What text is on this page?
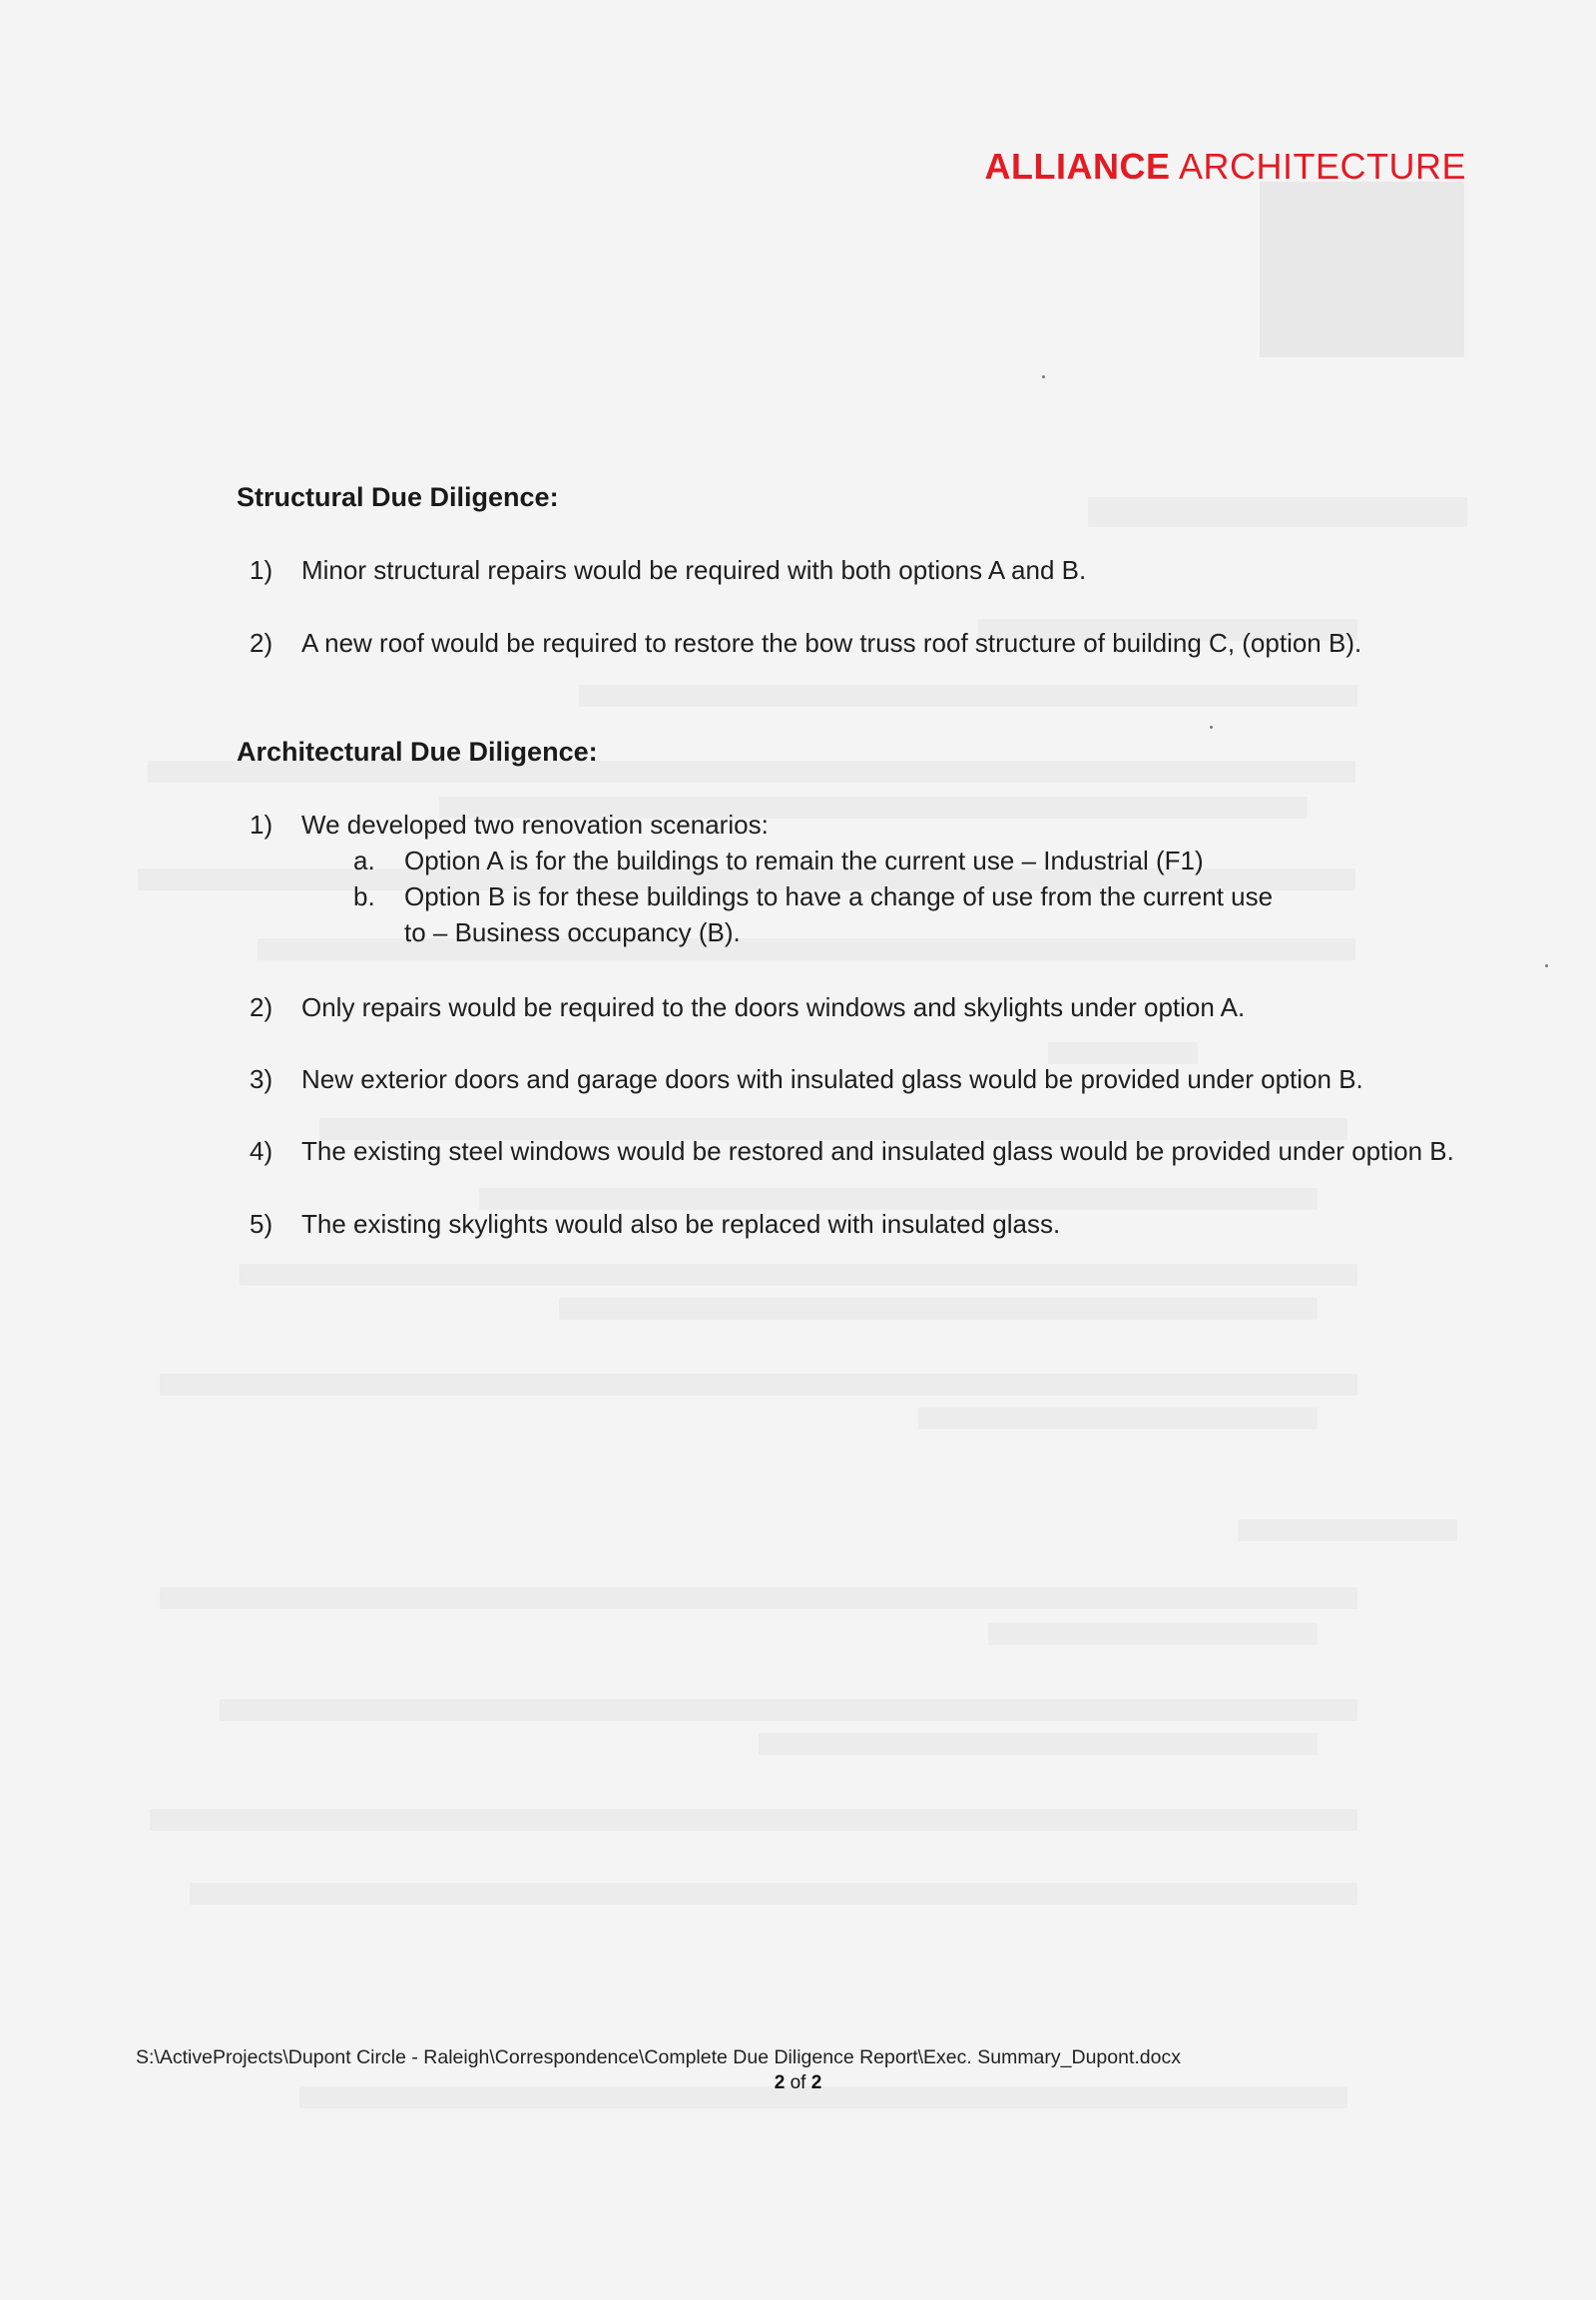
ALLIANCE ARCHITECTURE
Structural Due Diligence:
1) Minor structural repairs would be required with both options A and B.
2) A new roof would be required to restore the bow truss roof structure of building C, (option B).
Architectural Due Diligence:
1) We developed two renovation scenarios:
a. Option A is for the buildings to remain the current use – Industrial (F1)
b. Option B is for these buildings to have a change of use from the current use
to – Business occupancy (B).
2) Only repairs would be required to the doors windows and skylights under option A.
3) New exterior doors and garage doors with insulated glass would be provided under option B.
4) The existing steel windows would be restored and insulated glass would be provided under option B.
5) The existing skylights would also be replaced with insulated glass.
S:\ActiveProjects\Dupont Circle - Raleigh\Correspondence\Complete Due Diligence Report\Exec. Summary_Dupont.docx
2 of 2
